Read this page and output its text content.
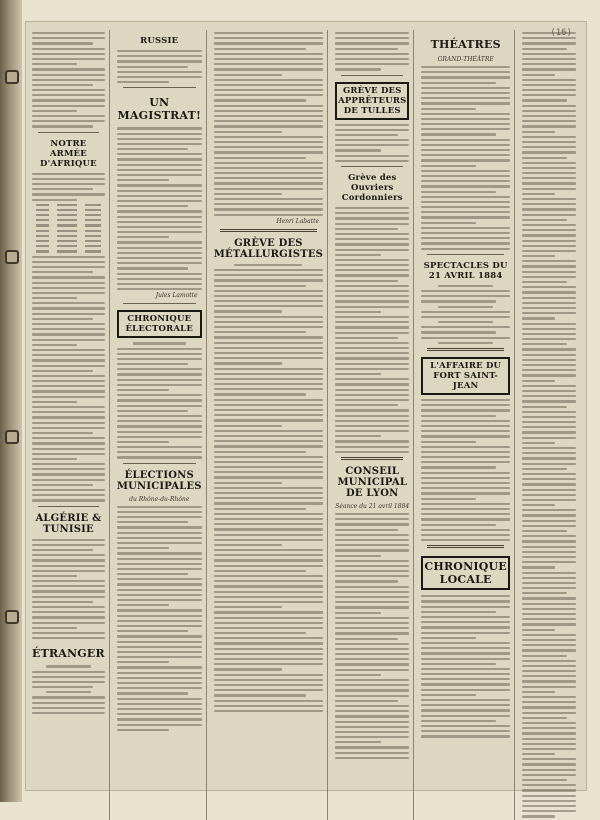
NOTRE ARMÉE D'AFRIQUE
ALGÉRIE & TUNISIE
ÉTRANGER
RUSSIE
UN MAGISTRAT!
Jules Lamotte
CHRONIQUE ÉLECTORALE
ÉLECTIONS MUNICIPALES
du Rhône-du-Rhône
Henri Labatte
GRÈVE DES MÉTALLURGISTES
GRÈVE DES APPRÊTEURS DE TULLES
Grève des Ouvriers Cordonniers
CONSEIL MUNICIPAL DE LYON
Séance du 21 avril 1884
THÉATRES
GRAND-THÉÂTRE
SPECTACLES DU 21 AVRIL 1884
L'AFFAIRE DU FORT SAINT-JEAN
CHRONIQUE LOCALE
